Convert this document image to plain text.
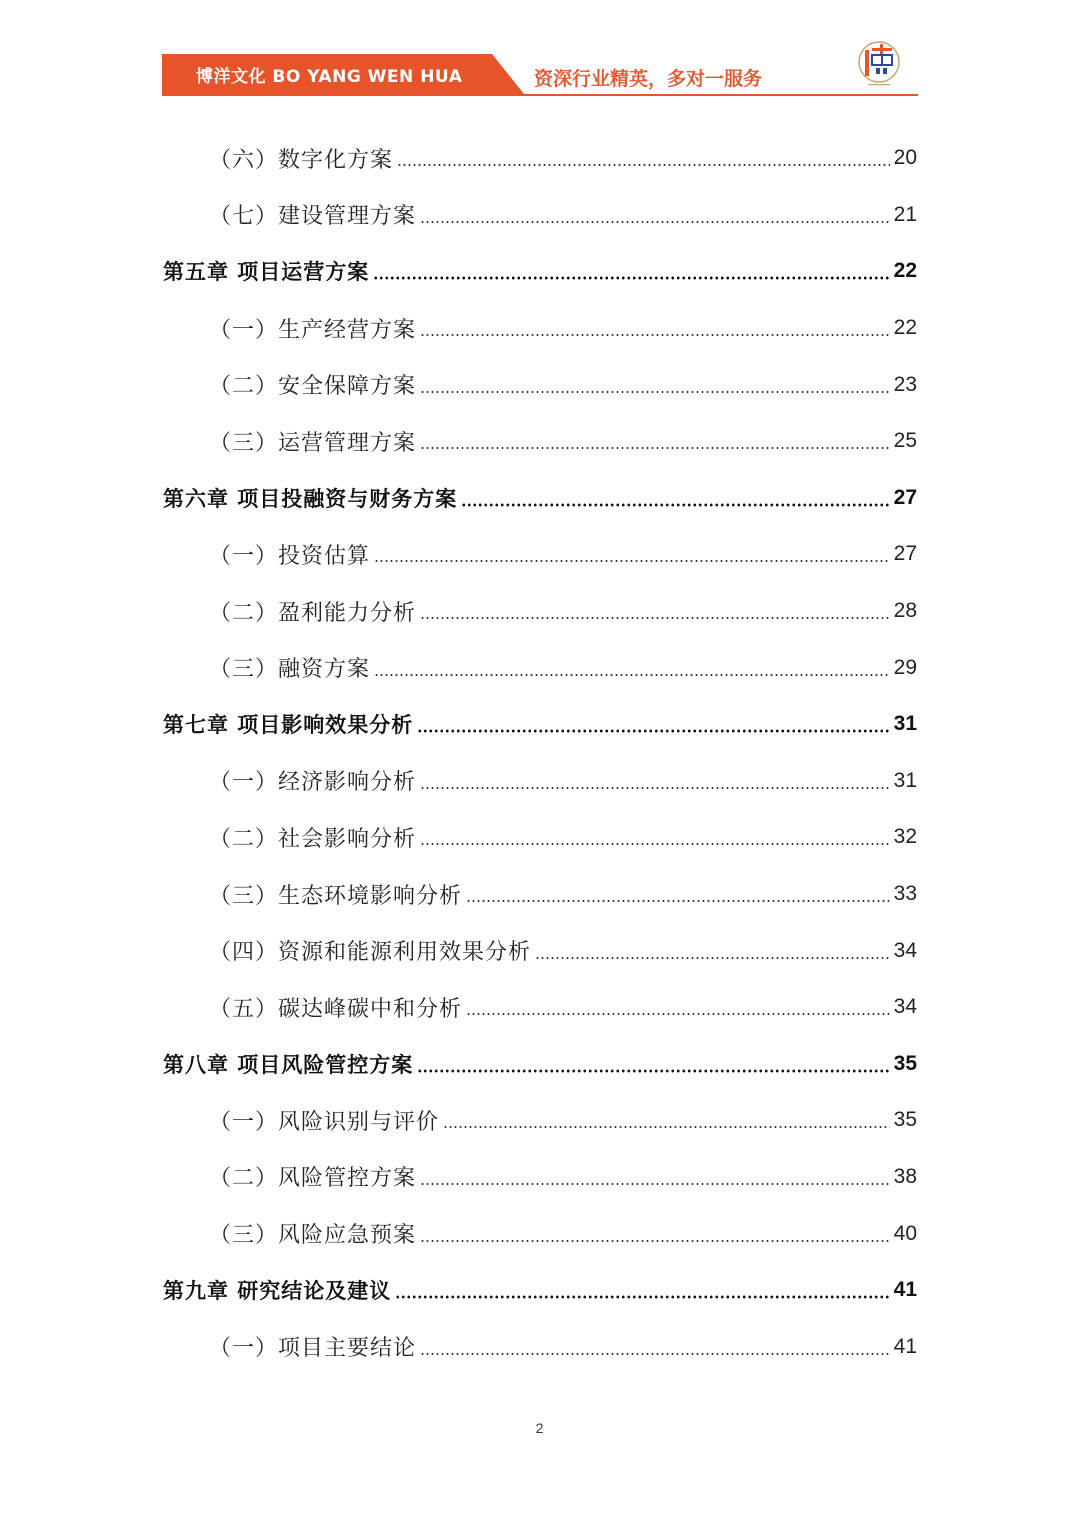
博洋文化 BO YANG WEN HUA	资深行业精英，多对一服务
（六）数字化方案	20
（七）建设管理方案	21
第五章 项目运营方案	22
（一）生产经营方案	22
（二）安全保障方案	23
（三）运营管理方案	25
第六章 项目投融资与财务方案	27
（一）投资估算	27
（二）盈利能力分析	28
（三）融资方案	29
第七章 项目影响效果分析	31
（一）经济影响分析	31
（二）社会影响分析	32
（三）生态环境影响分析	33
（四）资源和能源利用效果分析	34
（五）碳达峰碳中和分析	34
第八章 项目风险管控方案	35
（一）风险识别与评价	35
（二）风险管控方案	38
（三）风险应急预案	40
第九章 研究结论及建议	41
（一）项目主要结论	41
2
